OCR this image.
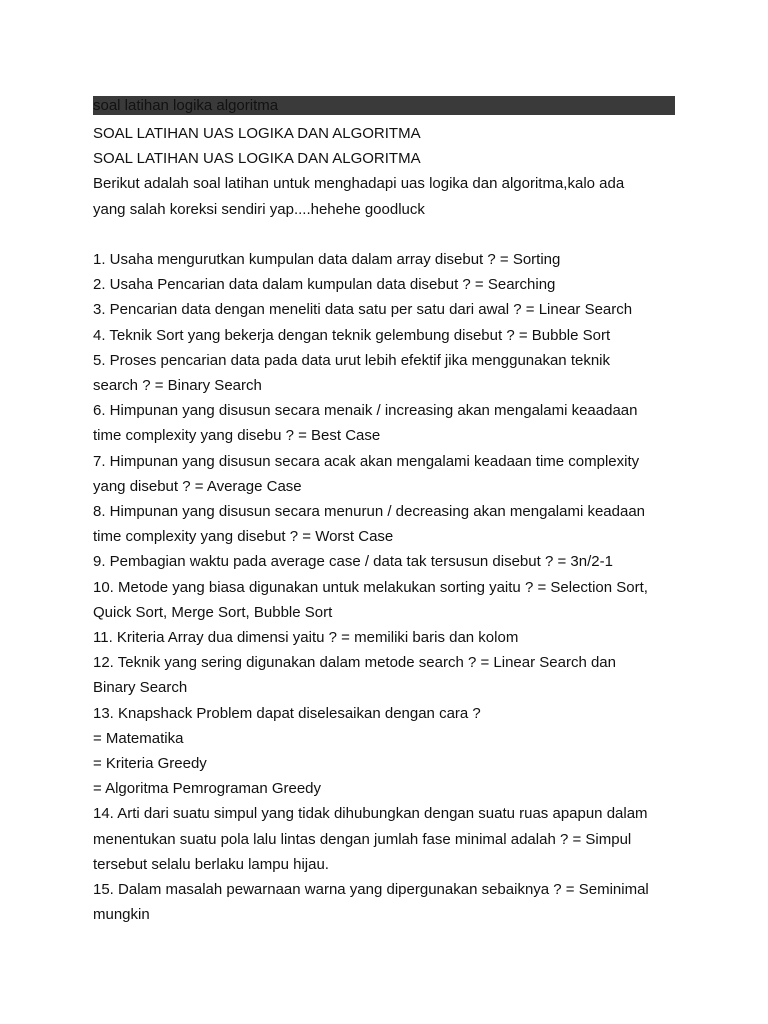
soal latihan logika algoritma
SOAL LATIHAN UAS LOGIKA DAN ALGORITMA
SOAL LATIHAN UAS LOGIKA DAN ALGORITMA
Berikut adalah soal latihan untuk menghadapi uas logika dan algoritma,kalo ada
yang salah koreksi sendiri yap....hehehe goodluck
1. Usaha mengurutkan kumpulan data dalam array disebut ? = Sorting
2. Usaha Pencarian data dalam kumpulan data disebut ? = Searching
3. Pencarian data dengan meneliti data satu per satu dari awal ? = Linear Search
4. Teknik Sort yang bekerja dengan teknik gelembung disebut ? = Bubble Sort
5. Proses pencarian data pada data urut lebih efektif jika menggunakan teknik
search ? = Binary Search
6. Himpunan yang disusun secara menaik / increasing akan mengalami keaadaan
time complexity yang disebu ? = Best Case
7. Himpunan yang disusun secara acak akan mengalami keadaan time complexity
yang disebut ? = Average Case
8. Himpunan yang disusun secara menurun / decreasing akan mengalami keadaan
time complexity yang disebut ? = Worst Case
9. Pembagian waktu pada average case / data tak tersusun disebut ? = 3n/2-1
10. Metode yang biasa digunakan untuk melakukan sorting yaitu ? = Selection Sort,
Quick Sort, Merge Sort, Bubble Sort
11. Kriteria Array dua dimensi yaitu ? = memiliki baris dan kolom
12. Teknik yang sering digunakan dalam metode search ? = Linear Search dan
Binary Search
13. Knapshack Problem dapat diselesaikan dengan cara ?
= Matematika
= Kriteria Greedy
= Algoritma Pemrograman Greedy
14. Arti dari suatu simpul yang tidak dihubungkan dengan suatu ruas apapun dalam
menentukan suatu pola lalu lintas dengan jumlah fase minimal adalah ? = Simpul
tersebut selalu berlaku lampu hijau.
15. Dalam masalah pewarnaan warna yang dipergunakan sebaiknya ? = Seminimal
mungkin
